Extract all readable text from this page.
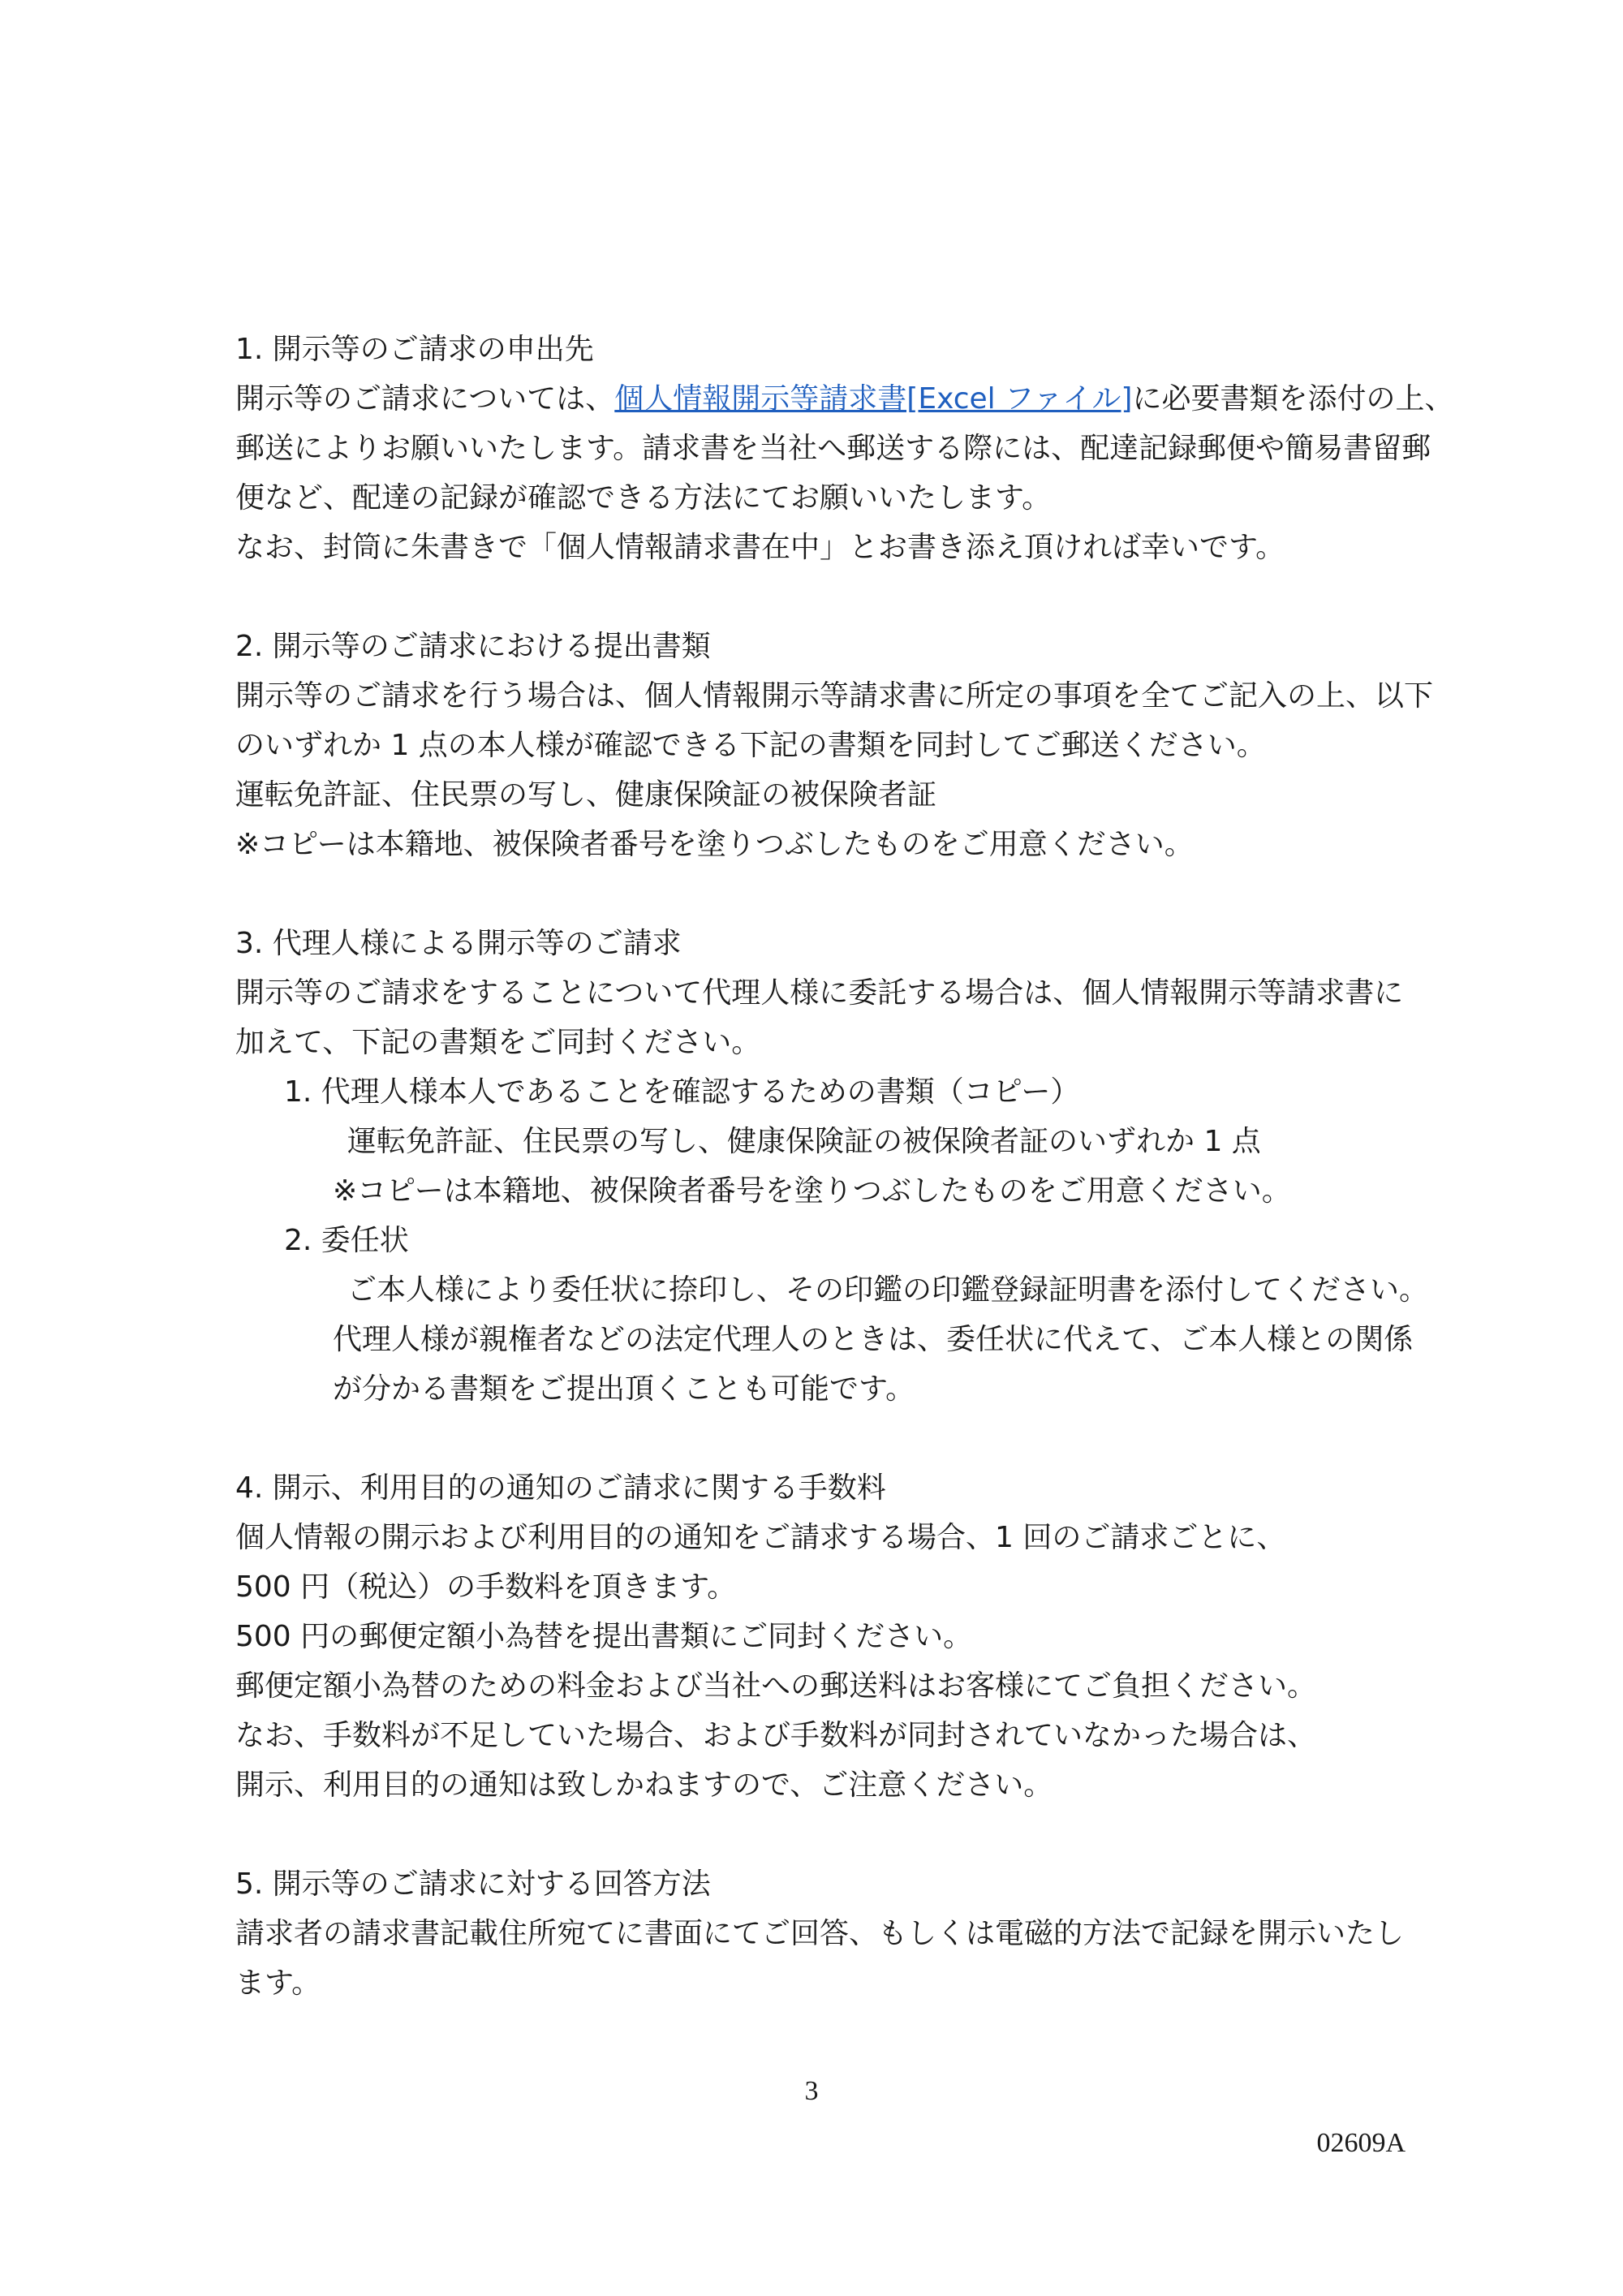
1. 開示等のご請求の申出先

開示等のご請求については、個人情報開示等請求書[Excel ファイル]に必要書類を添付の上、

郵送によりお願いいたします。請求書を当社へ郵送する際には、配達記録郵便や簡易書留郵

便など、配達の記録が確認できる方法にてお願いいたします。

なお、封筒に朱書きで「個人情報請求書在中」とお書き添え頂ければ幸いです。

2. 開示等のご請求における提出書類

開示等のご請求を行う場合は、個人情報開示等請求書に所定の事項を全てご記入の上、以下

のいずれか 1 点の本人様が確認できる下記の書類を同封してご郵送ください。

運転免許証、住民票の写し、健康保険証の被保険者証

※コピーは本籍地、被保険者番号を塗りつぶしたものをご用意ください。

3. 代理人様による開示等のご請求

開示等のご請求をすることについて代理人様に委託する場合は、個人情報開示等請求書に

加えて、下記の書類をご同封ください。

1. 代理人様本人であることを確認するための書類（コピー）

運転免許証、住民票の写し、健康保険証の被保険者証のいずれか 1 点

※コピーは本籍地、被保険者番号を塗りつぶしたものをご用意ください。

2. 委任状

ご本人様により委任状に捺印し、その印鑑の印鑑登録証明書を添付してください。

代理人様が親権者などの法定代理人のときは、委任状に代えて、ご本人様との関係

が分かる書類をご提出頂くことも可能です。

4. 開示、利用目的の通知のご請求に関する手数料

個人情報の開示および利用目的の通知をご請求する場合、1 回のご請求ごとに、

500 円（税込）の手数料を頂きます。

500 円の郵便定額小為替を提出書類にご同封ください。

郵便定額小為替のための料金および当社への郵送料はお客様にてご負担ください。

なお、手数料が不足していた場合、および手数料が同封されていなかった場合は、

開示、利用目的の通知は致しかねますので、ご注意ください。

5. 開示等のご請求に対する回答方法

請求者の請求書記載住所宛てに書面にてご回答、もしくは電磁的方法で記録を開示いたし

ます。

3
02609A
